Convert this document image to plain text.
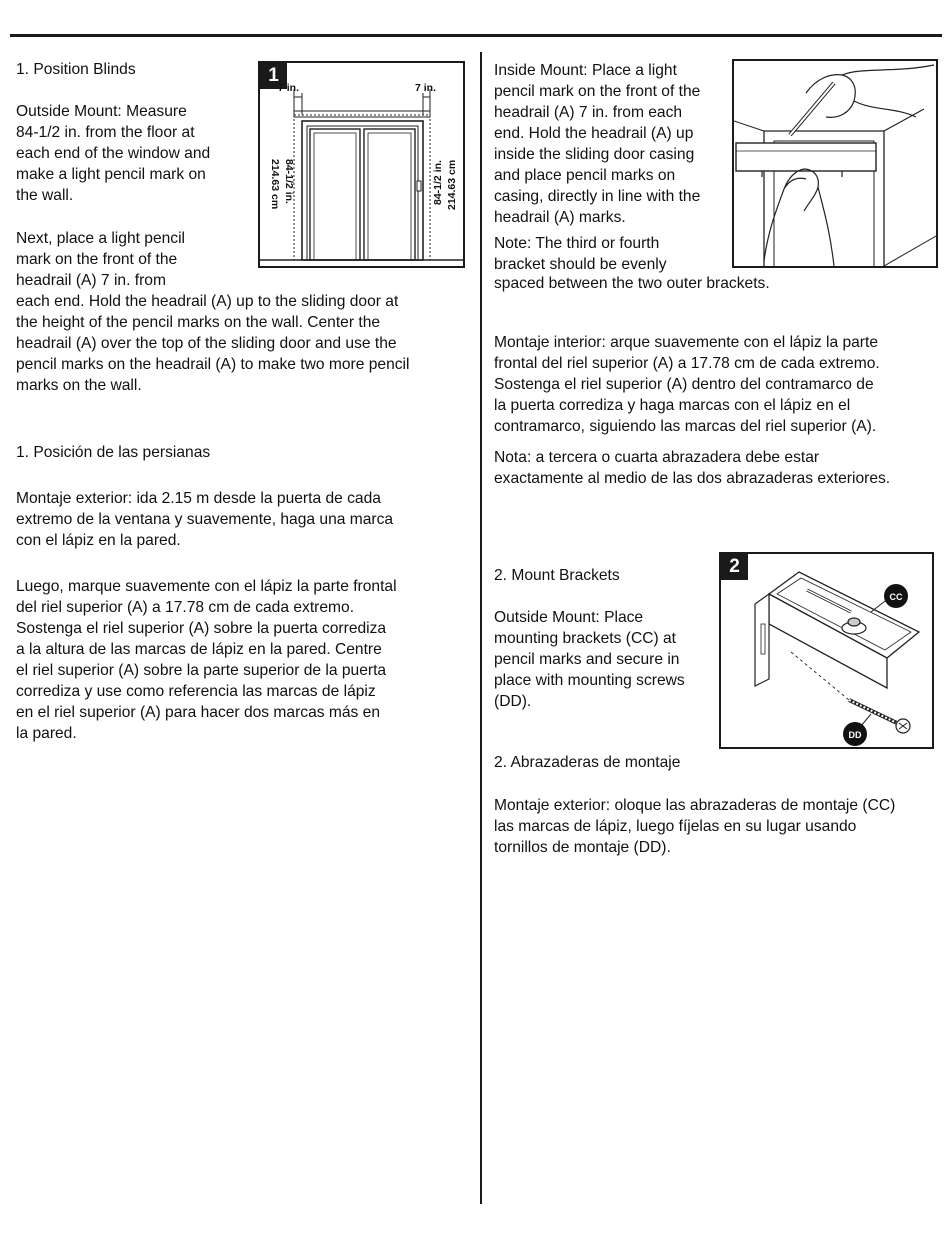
1. Position Blinds

Outside Mount: Measure
84-1/2 in. from the floor at
each end of the window and
make a light pencil mark on
the wall.

Next, place a light pencil
mark on the front of the
headrail (A) 7 in. from

each end. Hold the headrail (A) up to the sliding door at
the height of the pencil marks on the wall. Center the
headrail (A) over the top of the sliding door and use the
pencil marks on the headrail (A) to make two more pencil
marks on the wall.

1. Posición de las persianas

Montaje exterior: ida 2.15 m desde la puerta de cada
extremo de la ventana y suavemente, haga una marca
con el lápiz en la pared.

Luego, marque suavemente con el lápiz la parte frontal
del riel superior (A) a 17.78 cm de cada extremo.
Sostenga el riel superior (A) sobre la puerta corrediza
a la altura de las marcas de lápiz en la pared. Centre
el riel superior (A) sobre la parte superior de la puerta
corrediza y use como referencia las marcas de lápiz
en el riel superior (A) para hacer dos marcas más en
la pared.

1
7 in.	7 in.
84-1/2 in.
214.63 cm	84-1/2 in. 214.63 cm

Inside Mount: Place a light
pencil mark on the front of the
headrail (A) 7 in. from each
end. Hold the headrail (A) up
inside the sliding door casing
and place pencil marks on
casing, directly in line with the
headrail (A) marks.

Note: The third or fourth
bracket should be evenly

spaced between the two outer brackets.

Montaje interior: arque suavemente con el lápiz la parte
frontal del riel superior (A) a 17.78 cm de cada extremo.
Sostenga el riel superior (A) dentro del contramarco de
la puerta corrediza y haga marcas con el lápiz en el
contramarco, siguiendo las marcas del riel superior (A).

Nota: a tercera o cuarta abrazadera debe estar
exactamente al medio de las dos abrazaderas exteriores.

2. Mount Brackets

Outside Mount: Place
mounting brackets (CC) at
pencil marks and secure in
place with mounting screws
(DD).

2
CC
DD

2. Abrazaderas de montaje

Montaje exterior: oloque las abrazaderas de montaje (CC)
las marcas de lápiz, luego fíjelas en su lugar usando
tornillos de montaje (DD).
